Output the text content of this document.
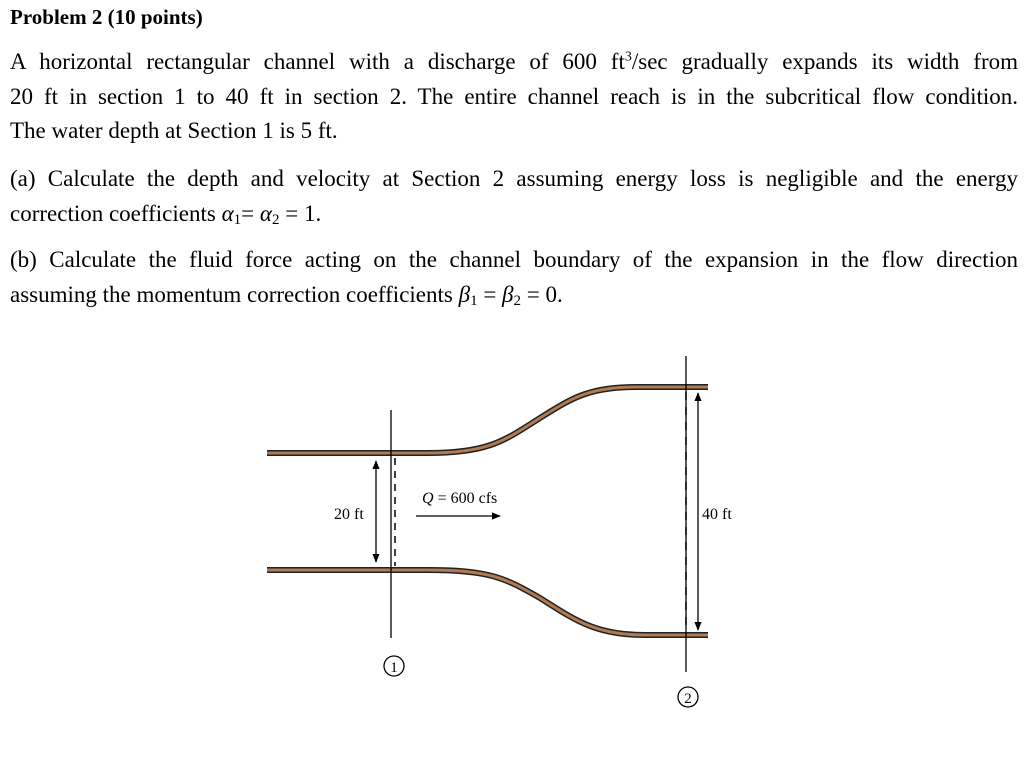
Problem 2 (10 points)
A horizontal rectangular channel with a discharge of 600 $ft^3/\sec$ gradually expands its width from
20 ft in section 1 to 40 ft in section 2. The entire channel reach is in the subcritical flow condition.
The water depth at Section 1 is 5 ft.
(a) Calculate the depth and velocity at Section 2 assuming energy loss is negligible and the energy
correction coefficients $\alpha_1= \alpha_2 = 1$.
(b) Calculate the fluid force acting on the channel boundary of the expansion in the flow direction
assuming the momentum correction coefficients $\beta_1 = \beta_2 = 0$.
20 ft
1
40 ft
2
Q = 600 cfs
